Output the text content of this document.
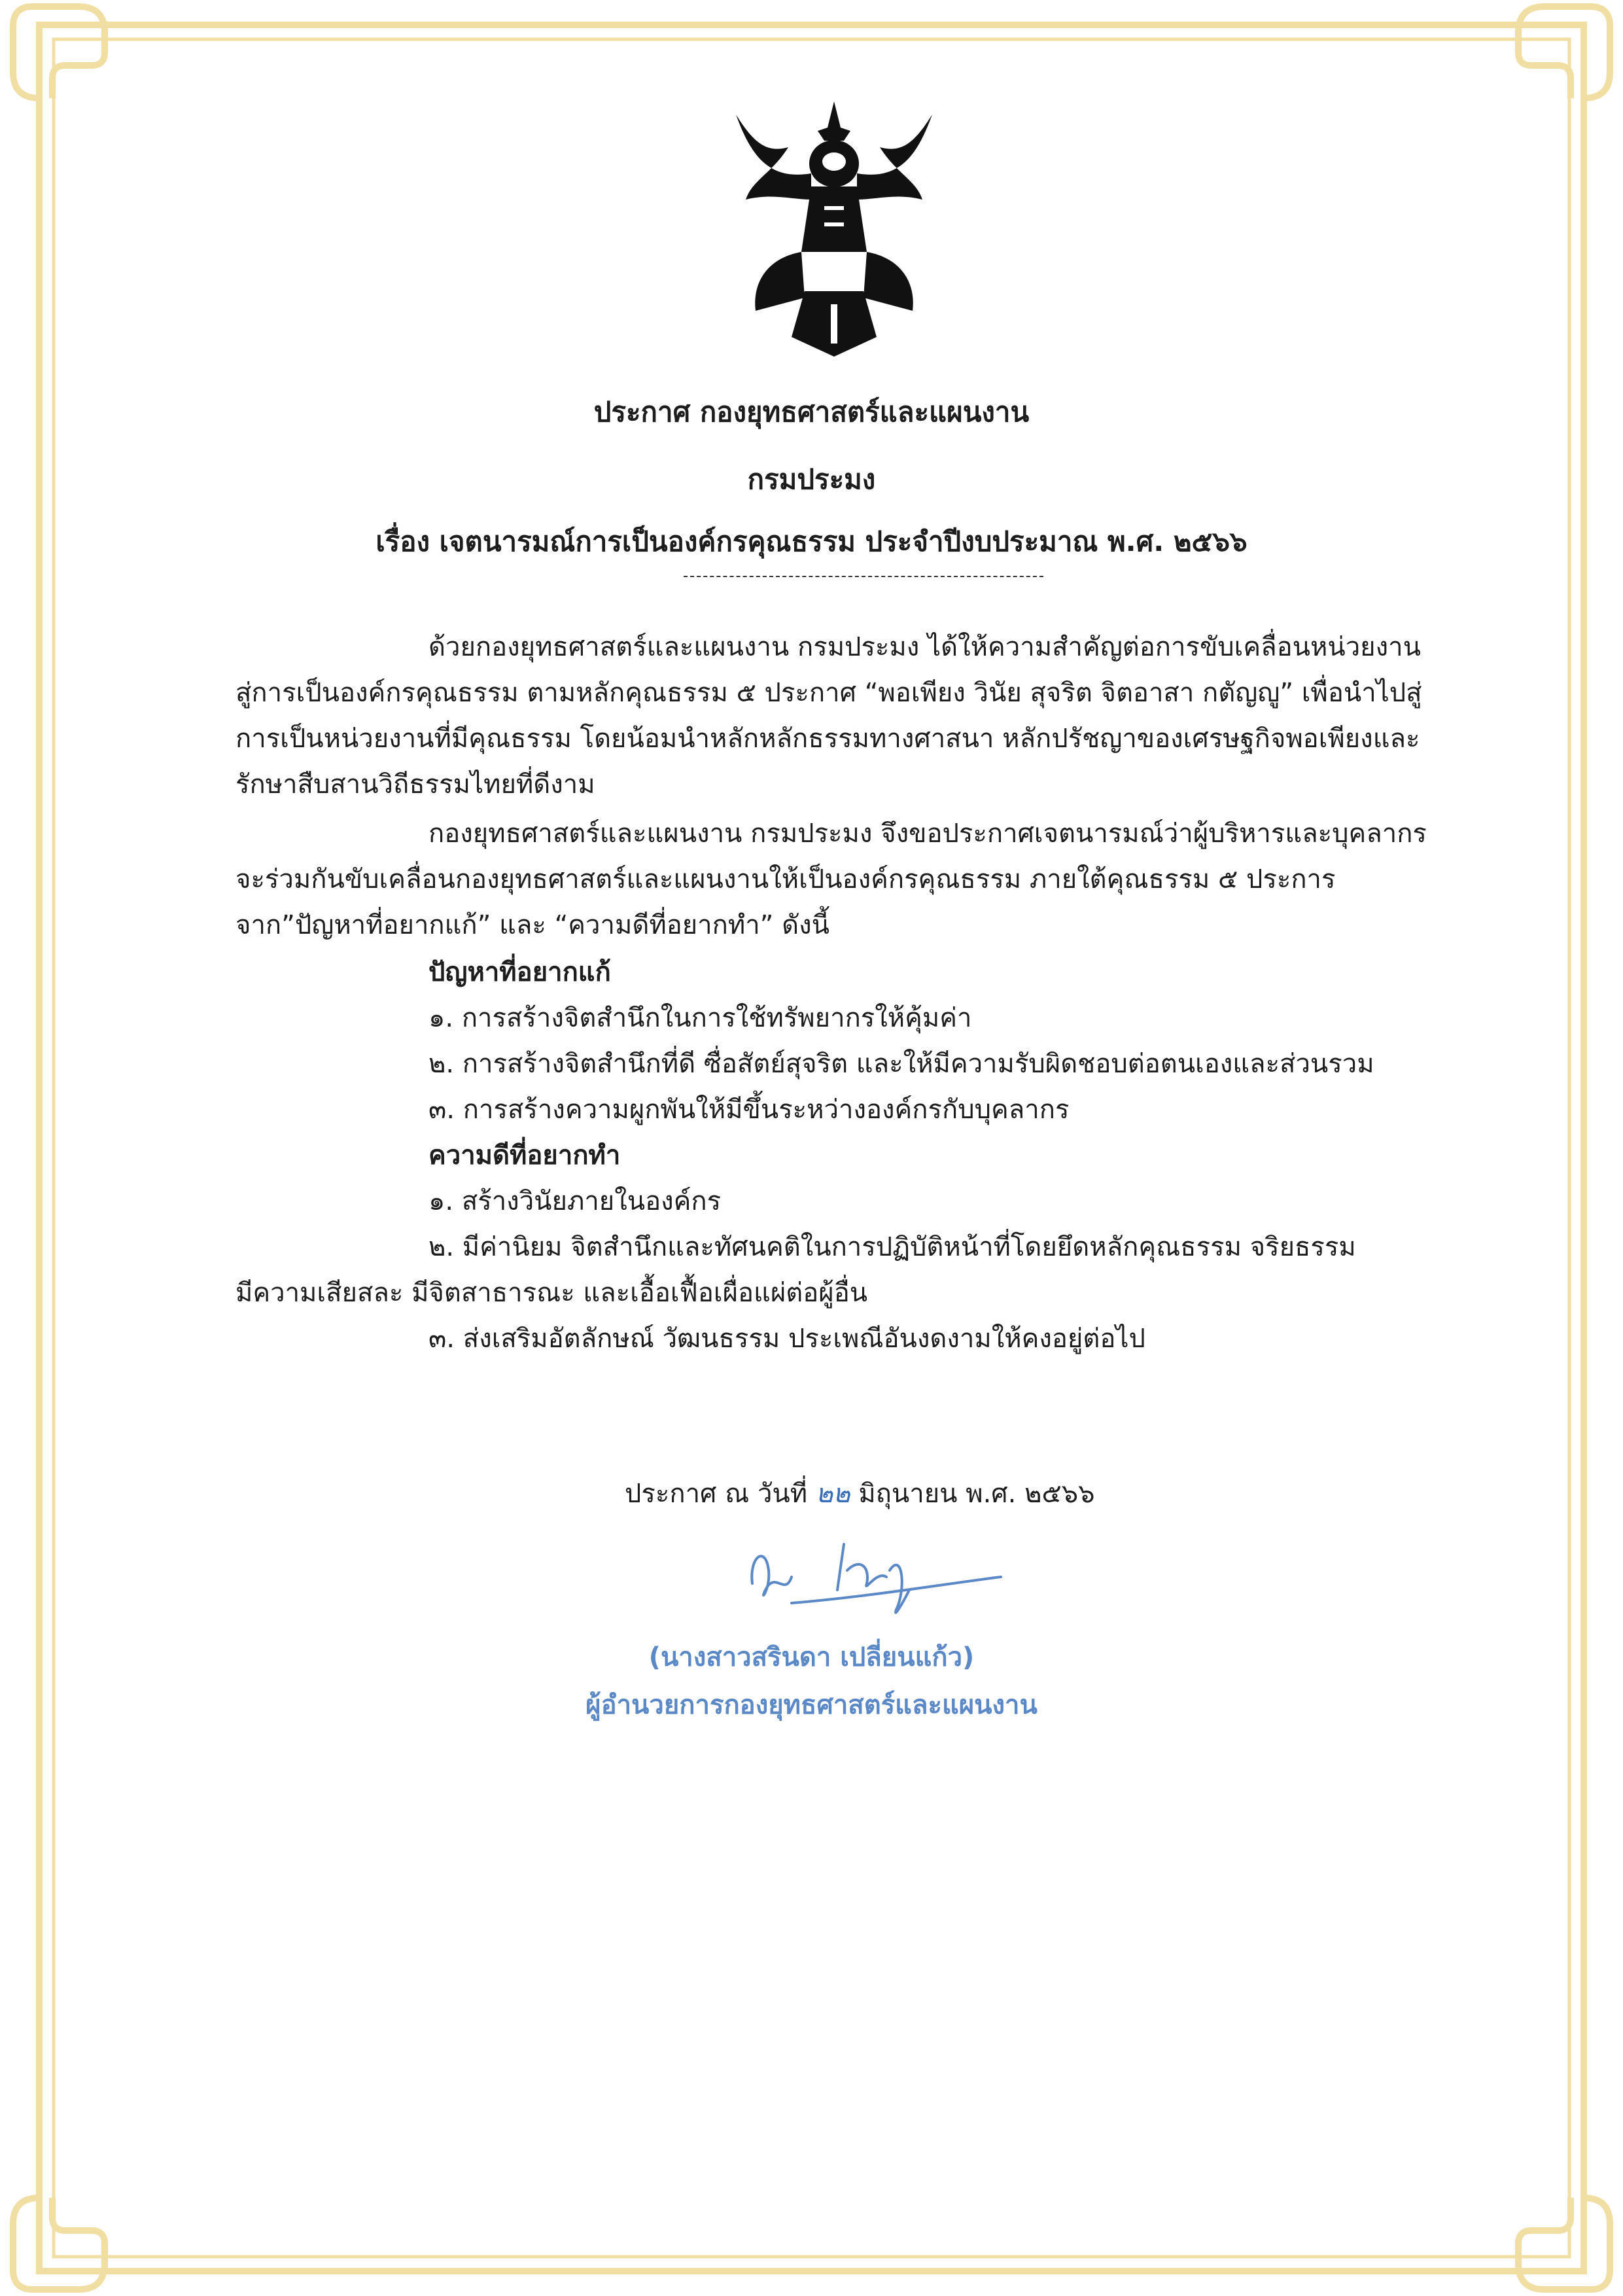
ประกาศ กองยุทธศาสตร์และแผนงาน
กรมประมง
เรื่อง เจตนารมณ์การเป็นองค์กรคุณธรรม ประจำปีงบประมาณ พ.ศ. ๒๕๖๖
ด้วยกองยุทธศาสตร์และแผนงาน กรมประมง ได้ให้ความสำคัญต่อการขับเคลื่อนหน่วยงาน
สู่การเป็นองค์กรคุณธรรม ตามหลักคุณธรรม ๕ ประกาศ “พอเพียง วินัย สุจริต จิตอาสา กตัญญู” เพื่อนำไปสู่
การเป็นหน่วยงานที่มีคุณธรรม โดยน้อมนำหลักหลักธรรมทางศาสนา หลักปรัชญาของเศรษฐกิจพอเพียงและ
รักษาสืบสานวิถีธรรมไทยที่ดีงาม
กองยุทธศาสตร์และแผนงาน กรมประมง จึงขอประกาศเจตนารมณ์ว่าผู้บริหารและบุคลากร
จะร่วมกันขับเคลื่อนกองยุทธศาสตร์และแผนงานให้เป็นองค์กรคุณธรรม ภายใต้คุณธรรม ๕ ประการ
จาก”ปัญหาที่อยากแก้” และ “ความดีที่อยากทำ” ดังนี้
ปัญหาที่อยากแก้
๑. การสร้างจิตสำนึกในการใช้ทรัพยากรให้คุ้มค่า
๒. การสร้างจิตสำนึกที่ดี ซื่อสัตย์สุจริต และให้มีความรับผิดชอบต่อตนเองและส่วนรวม
๓. การสร้างความผูกพันให้มีขึ้นระหว่างองค์กรกับบุคลากร
ความดีที่อยากทำ
๑. สร้างวินัยภายในองค์กร
๒. มีค่านิยม จิตสำนึกและทัศนคติในการปฏิบัติหน้าที่โดยยึดหลักคุณธรรม จริยธรรม
มีความเสียสละ มีจิตสาธารณะ และเอื้อเฟื้อเผื่อแผ่ต่อผู้อื่น
๓. ส่งเสริมอัตลักษณ์ วัฒนธรรม ประเพณีอันงดงามให้คงอยู่ต่อไป
ประกาศ ณ วันที่ ๒๒ มิถุนายน พ.ศ. ๒๕๖๖
(นางสาวสรินดา เปลี่ยนแก้ว)
ผู้อำนวยการกองยุทธศาสตร์และแผนงาน
